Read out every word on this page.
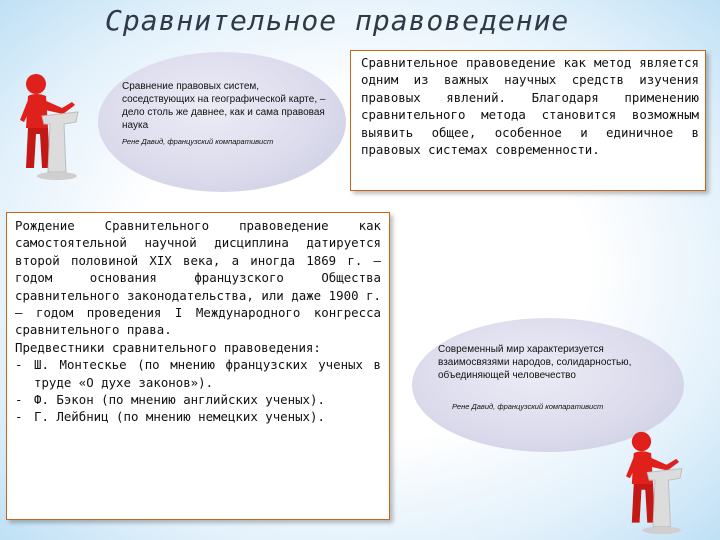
Сравнительное правоведение
Сравнение правовых систем, соседствующих на географической карте, – дело столь же давнее, как и сама правовая наука
Рене Давид, французский компаративист

Сравнительное правоведение как метод является одним из важных научных средств изучения правовых явлений. Благодаря применению сравнительного метода становится возможным выявить общее, особенное и единичное в правовых системах современности.

Рождение Сравнительного правоведение как самостоятельной научной дисциплина датируется второй половиной XIX века, а иногда 1869 г. – годом основания французского Общества сравнительного законодательства, или даже 1900 г. – годом проведения I Международного конгресса сравнительного права.

Предвестники сравнительного правоведения:

- Ш. Монтескье (по мнению французских ученых в труде «О духе законов»).
- Ф. Бэкон (по мнению английских ученых).
- Г. Лейбниц (по мнению немецких ученых).
Современный мир характеризуется взаимосвязями народов, солидарностью, объединяющей человечество
Рене Давид, французский компаративист
